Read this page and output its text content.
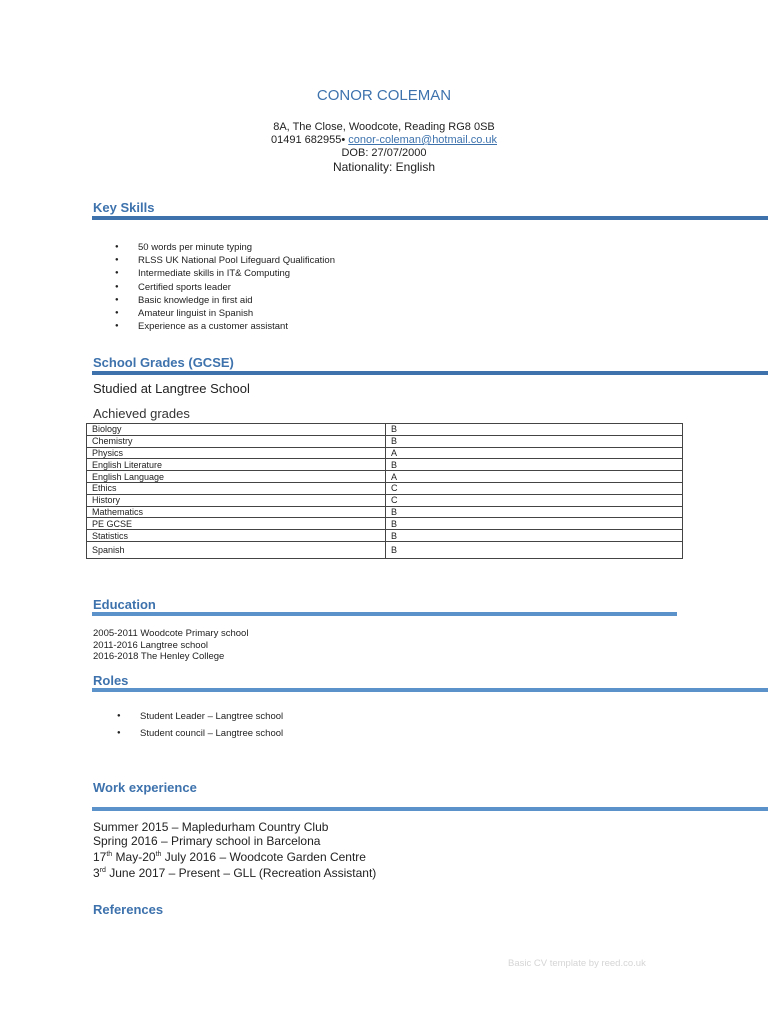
CONOR COLEMAN
8A, The Close, Woodcote, Reading RG8 0SB
01491 682955• conor-coleman@hotmail.co.uk
DOB: 27/07/2000
Nationality: English
Key Skills
● 50 words per minute typing
● RLSS UK National Pool Lifeguard Qualification
● Intermediate skills in IT& Computing
● Certified sports leader
● Basic knowledge in first aid
● Amateur linguist in Spanish
● Experience as a customer assistant
School Grades (GCSE)
Studied at Langtree School
Achieved grades
Biology	B
Chemistry	B
Physics	A
English Literature	B
English Language	A
Ethics	C
History	C
Mathematics	B
PE GCSE	B
Statistics	B
Spanish	B
Education
2005-2011 Woodcote Primary school
2011-2016 Langtree school
2016-2018 The Henley College
Roles
● Student Leader – Langtree school
● Student council – Langtree school
Work experience
Summer 2015 – Mapledurham Country Club
Spring 2016 – Primary school in Barcelona
17th May-20th July 2016 – Woodcote Garden Centre
3rd June 2017 – Present – GLL (Recreation Assistant)
References
Basic CV template by reed.co.uk
